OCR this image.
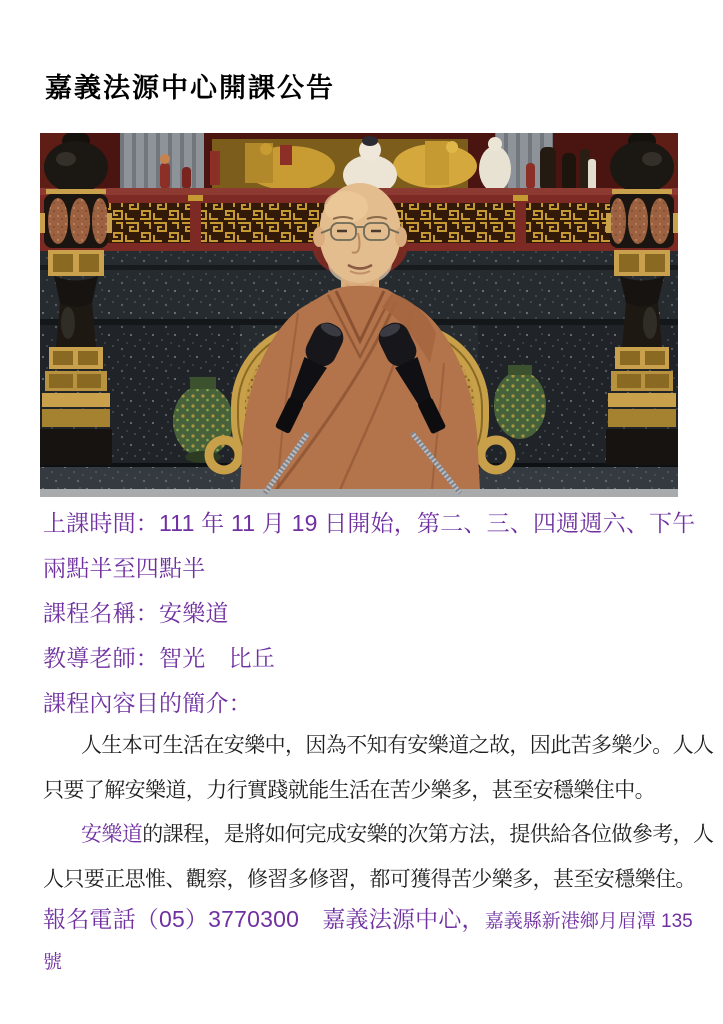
嘉義法源中心開課公告
上課時間：111 年 11 月 19 日開始，第二、三、四週週六、下午
兩點半至四點半
課程名稱：安樂道
教導老師：智光　比丘
課程內容目的簡介：
人生本可生活在安樂中，因為不知有安樂道之故，因此苦多樂少。人人
只要了解安樂道，力行實踐就能生活在苦少樂多，甚至安穩樂住中。
安樂道的課程，是將如何完成安樂的次第方法，提供給各位做參考，人
人只要正思惟、觀察，修習多修習，都可獲得苦少樂多，甚至安穩樂住。
報名電話（05）3770300　嘉義法源中心，嘉義縣新港鄉月眉潭 135
號
